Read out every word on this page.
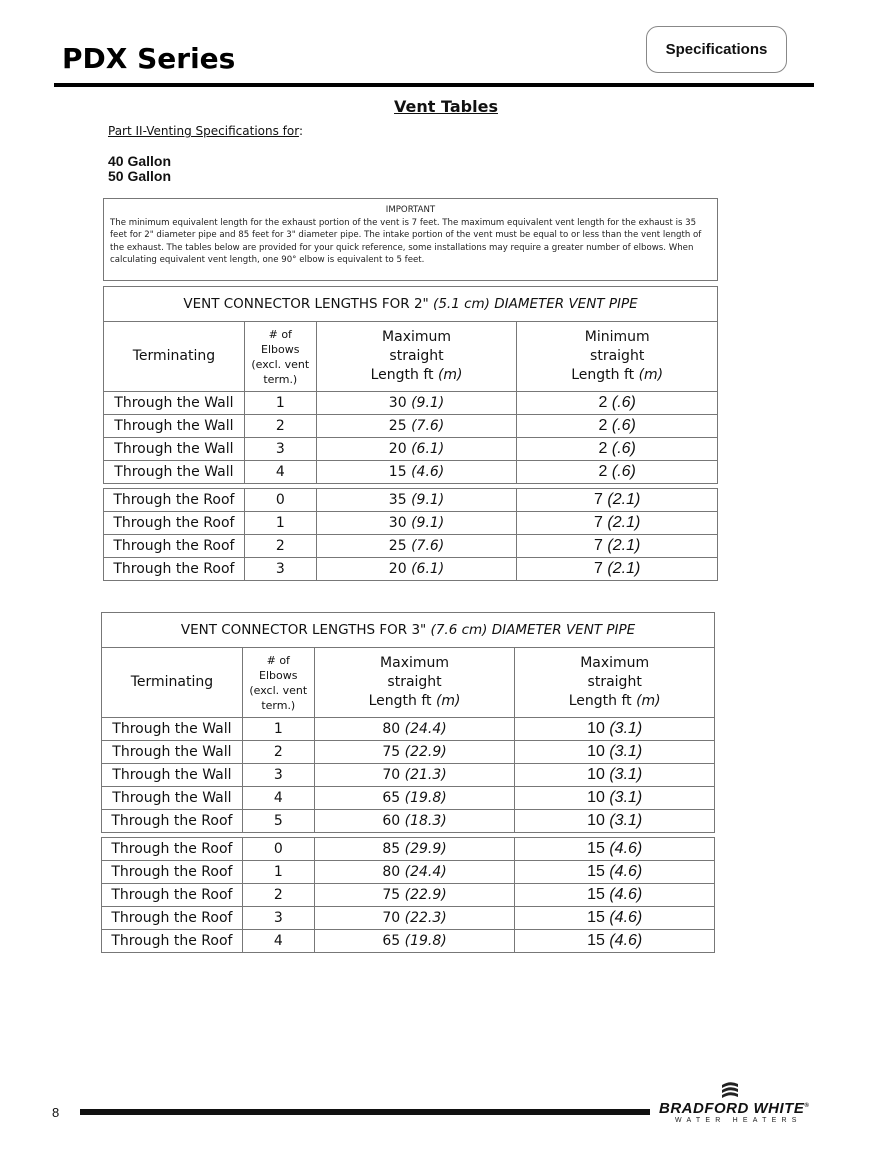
PDX Series	Specifications
Vent Tables
Part II-Venting Specifications for:
40 Gallon
50 Gallon
IMPORTANT
The minimum equivalent length for the exhaust portion of the vent is 7 feet. The maximum equivalent vent length for the exhaust is 35 feet for 2" diameter pipe and 85 feet for 3" diameter pipe. The intake portion of the vent must be equal to or less than the vent length of the exhaust. The tables below are provided for your quick reference, some installations may require a greater number of elbows. When calculating equivalent vent length, one 90° elbow is equivalent to 5 feet.
VENT CONNECTOR LENGTHS FOR 2" (5.1 cm) DIAMETER VENT PIPE			
Terminating	# of
Elbows
(excl. vent
term.)	Maximum
straight
Length ft (m)	Minimum
straight
Length ft (m)
Through the Wall	1	30 (9.1)	2 (.6)
Through the Wall	2	25 (7.6)	2 (.6)
Through the Wall	3	20 (6.1)	2 (.6)
Through the Wall	4	15 (4.6)	2 (.6)

Through the Roof	0	35 (9.1)	7 (2.1)
Through the Roof	1	30 (9.1)	7 (2.1)
Through the Roof	2	25 (7.6)	7 (2.1)
Through the Roof	3	20 (6.1)	7 (2.1)
VENT CONNECTOR LENGTHS FOR 3" (7.6 cm) DIAMETER VENT PIPE			
Terminating	# of
Elbows
(excl. vent
term.)	Maximum
straight
Length ft (m)	Maximum
straight
Length ft (m)
Through the Wall	1	80 (24.4)	10 (3.1)
Through the Wall	2	75 (22.9)	10 (3.1)
Through the Wall	3	70 (21.3)	10 (3.1)
Through the Wall	4	65 (19.8)	10 (3.1)
Through the Roof	5	60 (18.3)	10 (3.1)

Through the Roof	0	85 (29.9)	15 (4.6)
Through the Roof	1	80 (24.4)	15 (4.6)
Through the Roof	2	75 (22.9)	15 (4.6)
Through the Roof	3	70 (22.3)	15 (4.6)
Through the Roof	4	65 (19.8)	15 (4.6)
8	BRADFORD WHITE®
WATER HEATERS
